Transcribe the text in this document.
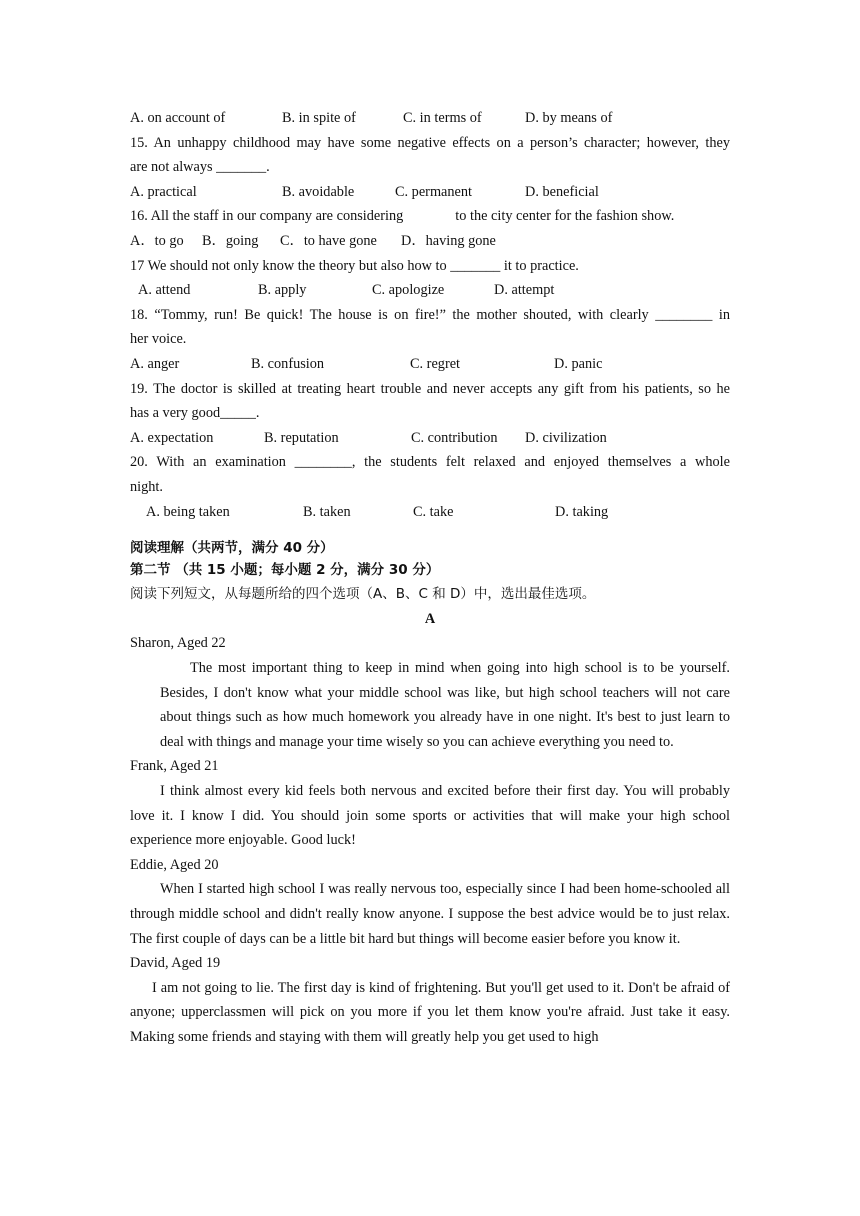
A. on account of	B. in spite of	C. in terms of	D. by means of
15. An unhappy childhood may have some negative effects on a person’s character; however, they
are not always _______.
A. practical	B. avoidable	C. permanent	D. beneficial
16. All the staff in our company are considering	to the city center for the fashion show.
A．to go B．going C．to have gone D．having gone
17 We should not only know the theory but also how to _______ it to practice.
A. attend	B. apply	C. apologize	D. attempt
18. “Tommy, run! Be quick! The house is on fire!” the mother shouted, with clearly ________ in
her voice.
A. anger	B. confusion	C. regret	D. panic
19. The doctor is skilled at treating heart trouble and never accepts any gift from his patients, so he
has a very good_____.
A. expectation	B. reputation	C. contribution D. civilization
20. With an examination ________, the students felt relaxed and enjoyed themselves a whole
night.
A. being taken	B. taken	C. take	D. taking
阅读理解（共两节，满分 40 分）
第二节 （共 15 小题；每小题 2 分，满分 30 分）
阅读下列短文，从每题所给的四个选项（A、B、C 和 D）中，选出最佳选项。
A
Sharon, Aged 22
The most important thing to keep in mind when going into high school is to be yourself. Besides, I don't know what your middle school was like, but high school teachers will not care about things such as how much homework you already have in one night. It's best to just learn to deal with things and manage your time wisely so you can achieve everything you need to.
Frank, Aged 21
I think almost every kid feels both nervous and excited before their first day. You will probably love it. I know I did. You should join some sports or activities that will make your high school experience more enjoyable. Good luck!
Eddie, Aged 20
When I started high school I was really nervous too, especially since I had been home-schooled all through middle school and didn't really know anyone. I suppose the best advice would be to just relax. The first couple of days can be a little bit hard but things will become easier before you know it.
David, Aged 19
I am not going to lie. The first day is kind of frightening. But you'll get used to it. Don't be afraid of anyone; upperclassmen will pick on you more if you let them know you're afraid. Just take it easy. Making some friends and staying with them will greatly help you get used to high
